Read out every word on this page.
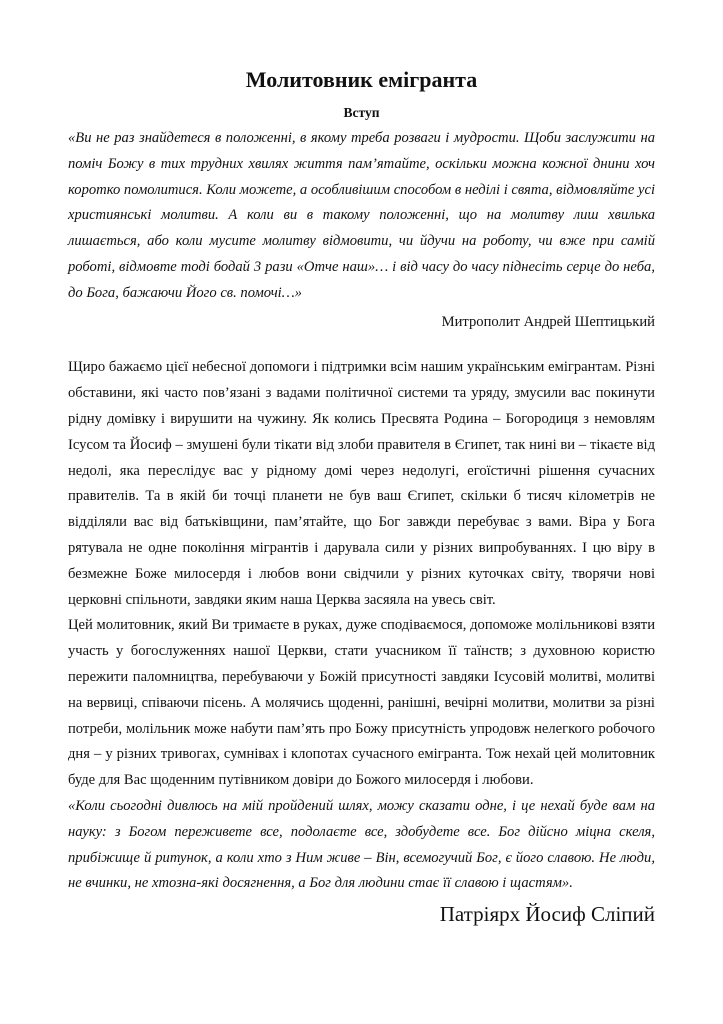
Молитовник емігранта
Вступ

«Ви не раз знайдетеся в положенні, в якому треба розваги і мудрости. Щоби заслужити на поміч Божу в тих трудних хвилях життя пам’ятайте, оскільки можна кожної днини хоч коротко помолитися. Коли можете, а особливішим способом в неділі і свята, відмовляйте усі християнські молитви. А коли ви в такому положенні, що на молитву лиш хвилька лишається, або коли мусите молитву відмовити, чи йдучи на роботу, чи вже при самій роботі, відмовте тоді бодай 3 рази «Отче наш»… і від часу до часу піднесіть серце до неба, до Бога, бажаючи Його св. помочі…»

Митрополит Андрей Шептицький

Щиро бажаємо цієї небесної допомоги і підтримки всім нашим українським емігрантам. Різні обставини, які часто пов’язані з вадами політичної системи та уряду, змусили вас покинути рідну домівку і вирушити на чужину. Як колись Пресвята Родина – Богородиця з немовлям Ісусом та Йосиф – змушені були тікати від злоби правителя в Єгипет, так нині ви – тікаєте від недолі, яка переслідує вас у рідному домі через недолугі, егоїстичні рішення сучасних правителів. Та в якій би точці планети не був ваш Єгипет, скільки б тисяч кілометрів не відділяли вас від батьківщини, пам’ятайте, що Бог завжди перебуває з вами. Віра у Бога рятувала не одне покоління мігрантів і дарувала сили у різних випробуваннях. І цю віру в безмежне Боже милосердя і любов вони свідчили у різних куточках світу, творячи нові церковні спільноти, завдяки яким наша Церква засяяла на увесь світ.

Цей молитовник, який Ви тримаєте в руках, дуже сподіваємося, допоможе молільникові взяти участь у богослуженнях нашої Церкви, стати учасником її таїнств; з духовною користю пережити паломництва, перебуваючи у Божій присутності завдяки Ісусовій молитві, молитві на вервиці, співаючи пісень. А молячись щоденні, ранішні, вечірні молитви, молитви за різні потреби, молільник може набути пам’ять про Божу присутність упродовж нелегкого робочого дня – у різних тривогах, сумнівах і клопотах сучасного емігранта. Тож нехай цей молитовник буде для Вас щоденним путівником довіри до Божого милосердя і любови.

«Коли сьогодні дивлюсь на мій пройдений шлях, можу сказати одне, і це нехай буде вам на науку: з Богом переживете все, подолаєте все, здобудете все. Бог дійсно міцна скеля, прибіжище й ритунок, а коли хто з Ним живе – Він, всемогучий Бог, є його славою. Не люди, не вчинки, не хтозна-які досягнення, а Бог для людини стає її славою і щастям».

Патріярх Йосиф Сліпий
